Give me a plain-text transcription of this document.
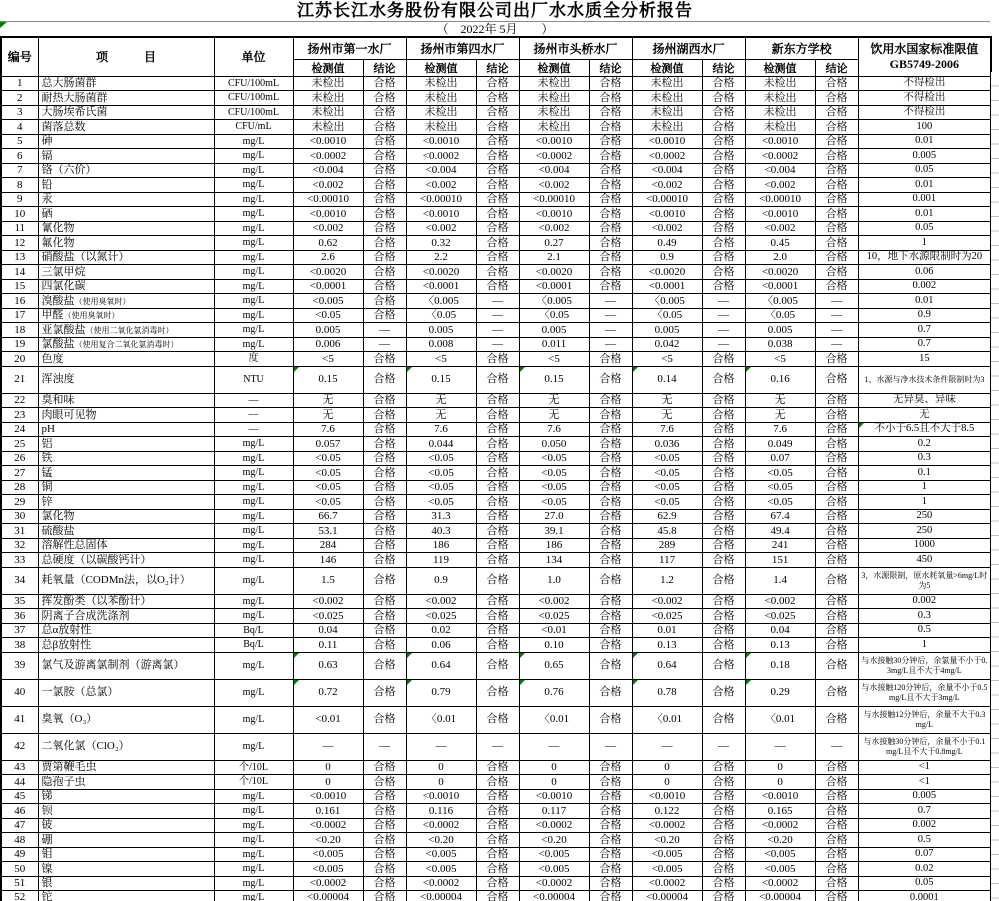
江苏长江水务股份有限公司出厂水水质全分析报告
（　2022年 5月　　）
编号	项　　　目	单位	扬州市第一水厂		扬州市第四水厂		扬州市头桥水厂		扬州湖西水厂		新东方学校		饮用水国家标准限值
GB5749-2006

			检测值	结论	检测值	结论	检测值	结论	检测值	结论	检测值	结论	
1	总大肠菌群	CFU/100mL	未检出	合格	未检出	合格	未检出	合格	未检出	合格	未检出	合格	不得检出
2	耐热大肠菌群	CFU/100mL	未检出	合格	未检出	合格	未检出	合格	未检出	合格	未检出	合格	不得检出
3	大肠埃希氏菌	CFU/100mL	未检出	合格	未检出	合格	未检出	合格	未检出	合格	未检出	合格	不得检出
4	菌落总数	CFU/mL	未检出	合格	未检出	合格	未检出	合格	未检出	合格	未检出	合格	100
5	砷	mg/L	<0.0010	合格	<0.0010	合格	<0.0010	合格	<0.0010	合格	<0.0010	合格	0.01
6	镉	mg/L	<0.0002	合格	<0.0002	合格	<0.0002	合格	<0.0002	合格	<0.0002	合格	0.005
7	铬（六价）	mg/L	<0.004	合格	<0.004	合格	<0.004	合格	<0.004	合格	<0.004	合格	0.05
8	铅	mg/L	<0.002	合格	<0.002	合格	<0.002	合格	<0.002	合格	<0.002	合格	0.01
9	汞	mg/L	<0.00010	合格	<0.00010	合格	<0.00010	合格	<0.00010	合格	<0.00010	合格	0.001
10	硒	mg/L	<0.0010	合格	<0.0010	合格	<0.0010	合格	<0.0010	合格	<0.0010	合格	0.01
11	氰化物	mg/L	<0.002	合格	<0.002	合格	<0.002	合格	<0.002	合格	<0.002	合格	0.05
12	氟化物	mg/L	0.62	合格	0.32	合格	0.27	合格	0.49	合格	0.45	合格	1
13	硝酸盐（以氮计）	mg/L	2.6	合格	2.2	合格	2.1	合格	0.9	合格	2.0	合格	10，地下水源限制时为20
14	三氯甲烷	mg/L	<0.0020	合格	<0.0020	合格	<0.0020	合格	<0.0020	合格	<0.0020	合格	0.06
15	四氯化碳	mg/L	<0.0001	合格	<0.0001	合格	<0.0001	合格	<0.0001	合格	<0.0001	合格	0.002
16	溴酸盐（使用臭氧时）	mg/L	<0.005	合格	〈0.005	—	〈0.005	—	〈0.005	—	〈0.005	—	0.01
17	甲醛（使用臭氧时）	mg/L	<0.05	合格	〈0.05	—	〈0.05	—	〈0.05	—	〈0.05	—	0.9
18	亚氯酸盐（使用二氧化氯消毒时）	mg/L	0.005	—	0.005	—	0.005	—	0.005	—	0.005	—	0.7
19	氯酸盐（使用复合二氧化氯消毒时）	mg/L	0.006	—	0.008	—	0.011	—	0.042	—	0.038	—	0.7
20	色度	度	<5	合格	<5	合格	<5	合格	<5	合格	<5	合格	15
21	浑浊度	NTU	0.15	合格	0.15	合格	0.15	合格	0.14	合格	0.16	合格	1、水源与净水技术条件限制时为3
22	臭和味	—	无	合格	无	合格	无	合格	无	合格	无	合格	无异臭、异味
23	肉眼可见物	—	无	合格	无	合格	无	合格	无	合格	无	合格	无
24	pH	—	7.6	合格	7.6	合格	7.6	合格	7.6	合格	7.6	合格	不小于6.5且不大于8.5

25	铝	mg/L	0.057	合格	0.044	合格	0.050	合格	0.036	合格	0.049	合格	0.2
26	铁	mg/L	<0.05	合格	<0.05	合格	<0.05	合格	<0.05	合格	0.07	合格	0.3
27	锰	mg/L	<0.05	合格	<0.05	合格	<0.05	合格	<0.05	合格	<0.05	合格	0.1
28	铜	mg/L	<0.05	合格	<0.05	合格	<0.05	合格	<0.05	合格	<0.05	合格	1
29	锌	mg/L	<0.05	合格	<0.05	合格	<0.05	合格	<0.05	合格	<0.05	合格	1
30	氯化物	mg/L	66.7	合格	31.3	合格	27.0	合格	62.9	合格	67.4	合格	250
31	硫酸盐	mg/L	53.1	合格	40.3	合格	39.1	合格	45.8	合格	49.4	合格	250
32	溶解性总固体	mg/L	284	合格	186	合格	186	合格	289	合格	241	合格	1000
33	总硬度（以碳酸钙计）	mg/L	146	合格	119	合格	134	合格	117	合格	151	合格	450
34	耗氧量（CODMn法，以O₂计）	mg/L	1.5	合格	0.9	合格	1.0	合格	1.2	合格	1.4	合格	3，水源限制，原水耗氧量>6mg/L时为5
35	挥发酚类（以苯酚计）	mg/L	<0.002	合格	<0.002	合格	<0.002	合格	<0.002	合格	<0.002	合格	0.002
36	阴离子合成洗涤剂	mg/L	<0.025	合格	<0.025	合格	<0.025	合格	<0.025	合格	<0.025	合格	0.3
37	总α放射性	Bq/L	0.04	合格	0.02	合格	<0.01	合格	0.01	合格	0.04	合格	0.5
38	总β放射性	Bq/L	0.11	合格	0.06	合格	0.10	合格	0.13	合格	0.13	合格	1
39	氯气及游离氯制剂（游离氯）	mg/L	0.63	合格	0.64	合格	0.65	合格	0.64	合格	0.18	合格	与水接触30分钟后，余氯量不小于0.3mg/L且不大于4mg/L
40	一氯胺（总氯）	mg/L	0.72	合格	0.79	合格	0.76	合格	0.78	合格	0.29	合格	与水接触120分钟后，余量不小于0.5mg/L且不大于3mg/L
41	臭氧（O₃）	mg/L	<0.01	合格	〈0.01	合格	〈0.01	合格	〈0.01	合格	〈0.01	合格	与水接触12分钟后，余量不大于0.3mg/L
42	二氧化氯（ClO₂）	mg/L	—	—	—	—	—	—	—	—	—	—	与水接触30分钟后，余量不小于0.1mg/L且不大于0.8mg/L
43	贾第鞭毛虫	个/10L	0	合格	0	合格	0	合格	0	合格	0	合格	<1
44	隐孢子虫	个/10L	0	合格	0	合格	0	合格	0	合格	0	合格	<1
45	锑	mg/L	<0.0010	合格	<0.0010	合格	<0.0010	合格	<0.0010	合格	<0.0010	合格	0.005
46	钡	mg/L	0.161	合格	0.116	合格	0.117	合格	0.122	合格	0.165	合格	0.7
47	铍	mg/L	<0.0002	合格	<0.0002	合格	<0.0002	合格	<0.0002	合格	<0.0002	合格	0.002
48	硼	mg/L	<0.20	合格	<0.20	合格	<0.20	合格	<0.20	合格	<0.20	合格	0.5
49	钼	mg/L	<0.005	合格	<0.005	合格	<0.005	合格	<0.005	合格	<0.005	合格	0.07
50	镍	mg/L	<0.005	合格	<0.005	合格	<0.005	合格	<0.005	合格	<0.005	合格	0.02
51	银	mg/L	<0.0002	合格	<0.0002	合格	<0.0002	合格	<0.0002	合格	<0.0002	合格	0.05
52	铊	mg/L	<0.00004	合格	<0.00004	合格	<0.00004	合格	<0.00004	合格	<0.00004	合格	0.0001
